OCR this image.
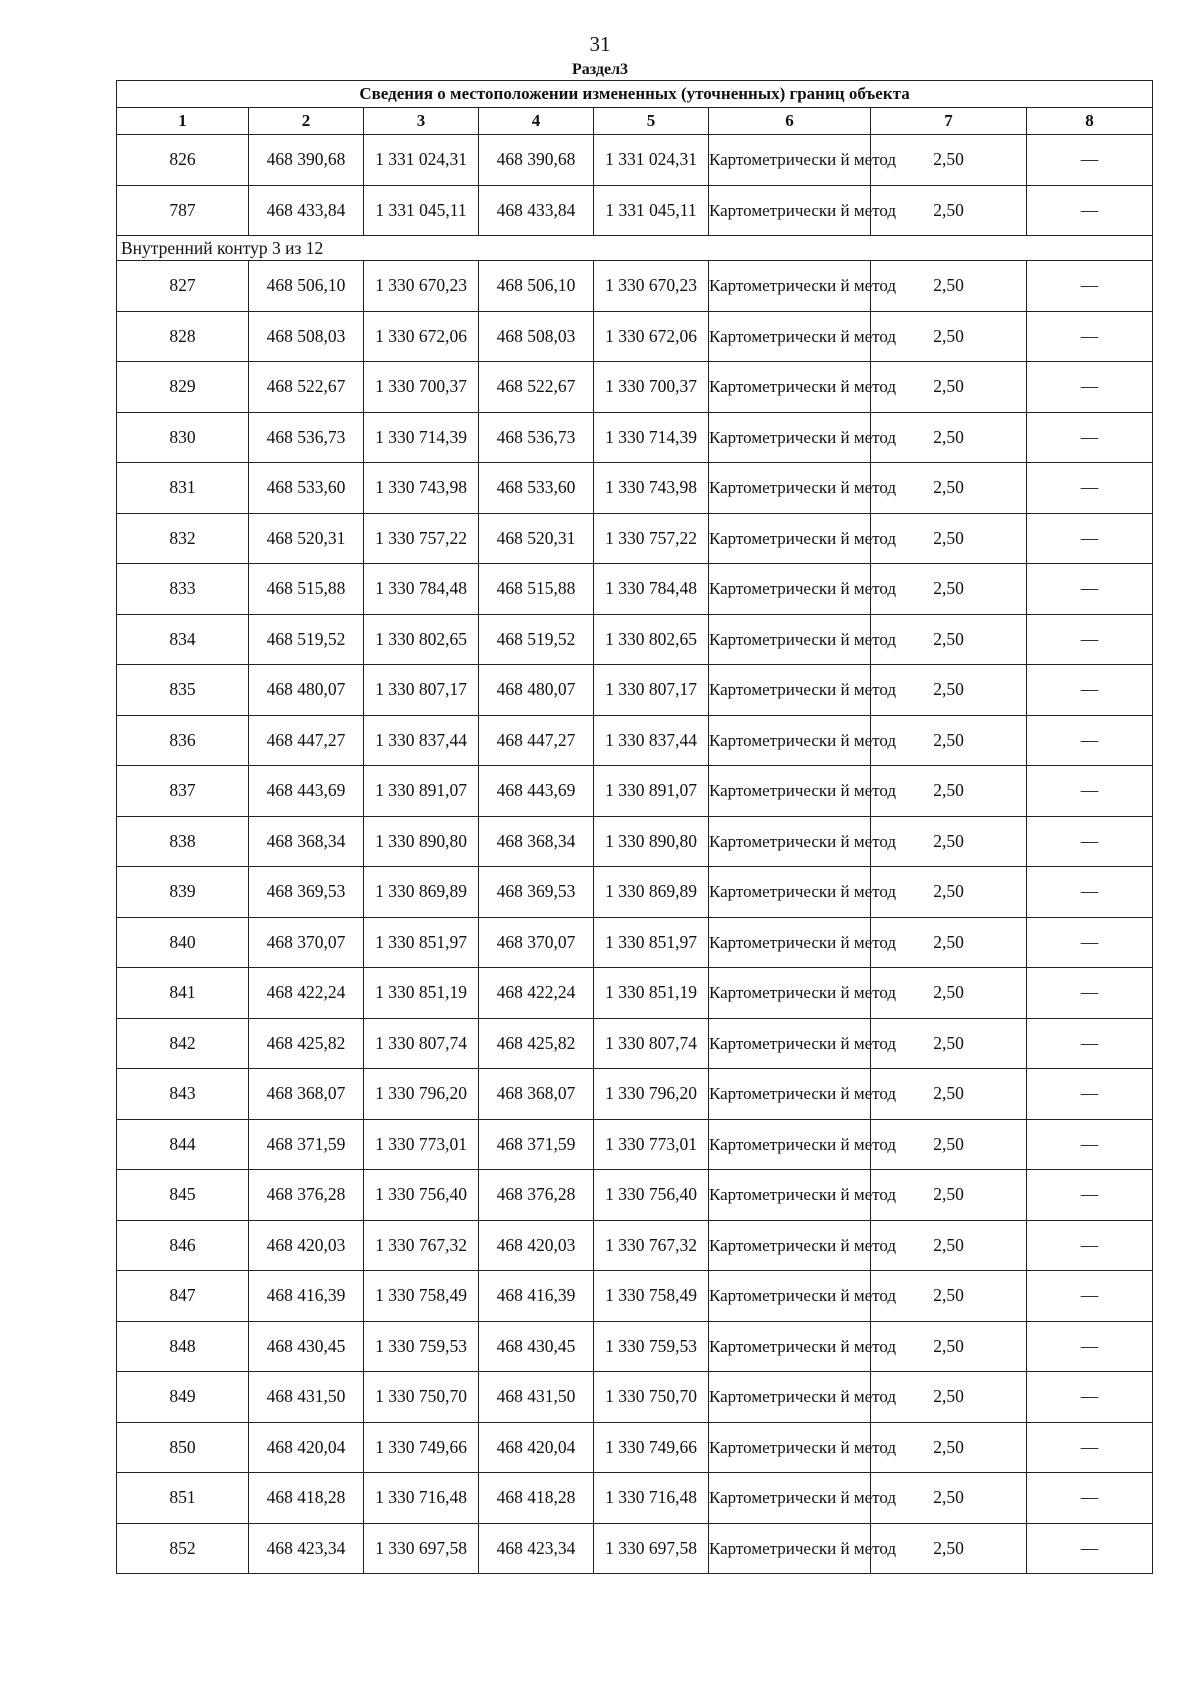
31
Раздел3
Сведения о местоположении измененных (уточненных) границ объекта							
1	2	3	4	5	6	7	8
826	468 390,68	1 331 024,31	468 390,68	1 331 024,31	Картометрически й метод	2,50	—
787	468 433,84	1 331 045,11	468 433,84	1 331 045,11	Картометрически й метод	2,50	—
Внутренний контур 3 из 12							
827	468 506,10	1 330 670,23	468 506,10	1 330 670,23	Картометрически й метод	2,50	—
828	468 508,03	1 330 672,06	468 508,03	1 330 672,06	Картометрически й метод	2,50	—
829	468 522,67	1 330 700,37	468 522,67	1 330 700,37	Картометрически й метод	2,50	—
830	468 536,73	1 330 714,39	468 536,73	1 330 714,39	Картометрически й метод	2,50	—
831	468 533,60	1 330 743,98	468 533,60	1 330 743,98	Картометрически й метод	2,50	—
832	468 520,31	1 330 757,22	468 520,31	1 330 757,22	Картометрически й метод	2,50	—
833	468 515,88	1 330 784,48	468 515,88	1 330 784,48	Картометрически й метод	2,50	—
834	468 519,52	1 330 802,65	468 519,52	1 330 802,65	Картометрически й метод	2,50	—
835	468 480,07	1 330 807,17	468 480,07	1 330 807,17	Картометрически й метод	2,50	—
836	468 447,27	1 330 837,44	468 447,27	1 330 837,44	Картометрически й метод	2,50	—
837	468 443,69	1 330 891,07	468 443,69	1 330 891,07	Картометрически й метод	2,50	—
838	468 368,34	1 330 890,80	468 368,34	1 330 890,80	Картометрически й метод	2,50	—
839	468 369,53	1 330 869,89	468 369,53	1 330 869,89	Картометрически й метод	2,50	—
840	468 370,07	1 330 851,97	468 370,07	1 330 851,97	Картометрически й метод	2,50	—
841	468 422,24	1 330 851,19	468 422,24	1 330 851,19	Картометрически й метод	2,50	—
842	468 425,82	1 330 807,74	468 425,82	1 330 807,74	Картометрически й метод	2,50	—
843	468 368,07	1 330 796,20	468 368,07	1 330 796,20	Картометрически й метод	2,50	—
844	468 371,59	1 330 773,01	468 371,59	1 330 773,01	Картометрически й метод	2,50	—
845	468 376,28	1 330 756,40	468 376,28	1 330 756,40	Картометрически й метод	2,50	—
846	468 420,03	1 330 767,32	468 420,03	1 330 767,32	Картометрически й метод	2,50	—
847	468 416,39	1 330 758,49	468 416,39	1 330 758,49	Картометрически й метод	2,50	—
848	468 430,45	1 330 759,53	468 430,45	1 330 759,53	Картометрически й метод	2,50	—
849	468 431,50	1 330 750,70	468 431,50	1 330 750,70	Картометрически й метод	2,50	—
850	468 420,04	1 330 749,66	468 420,04	1 330 749,66	Картометрически й метод	2,50	—
851	468 418,28	1 330 716,48	468 418,28	1 330 716,48	Картометрически й метод	2,50	—
852	468 423,34	1 330 697,58	468 423,34	1 330 697,58	Картометрически й метод	2,50	—
